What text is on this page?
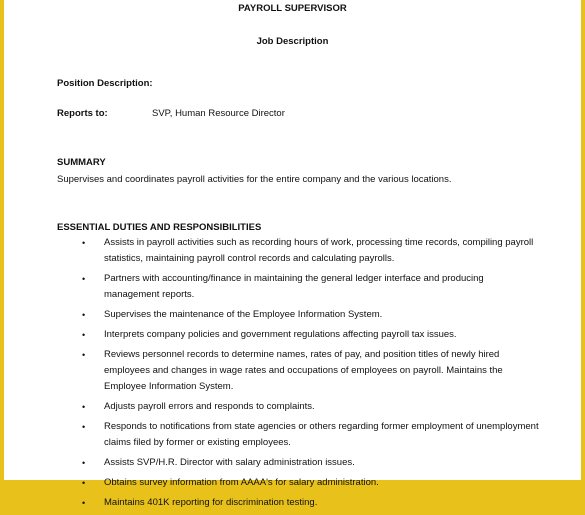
PAYROLL SUPERVISOR
Job Description
Position Description:
Reports to:	SVP, Human Resource Director
SUMMARY
Supervises and coordinates payroll activities for the entire company and the various locations.
ESSENTIAL DUTIES AND RESPONSIBILITIES
• Assists in payroll activities such as recording hours of work, processing time records, compiling payroll statistics, maintaining payroll control records and calculating payrolls.
• Partners with accounting/finance in maintaining the general ledger interface and producing management reports.
• Supervises the maintenance of the Employee Information System.
• Interprets company policies and government regulations affecting payroll tax issues.
• Reviews personnel records to determine names, rates of pay, and position titles of newly hired employees and changes in wage rates and occupations of employees on payroll. Maintains the Employee Information System.
• Adjusts payroll errors and responds to complaints.
• Responds to notifications from state agencies or others regarding former employment of unemployment claims filed by former or existing employees.
• Assists SVP/H.R. Director with salary administration issues.
• Obtains survey information from AAAA's for salary administration.
• Maintains 401K reporting for discrimination testing.
